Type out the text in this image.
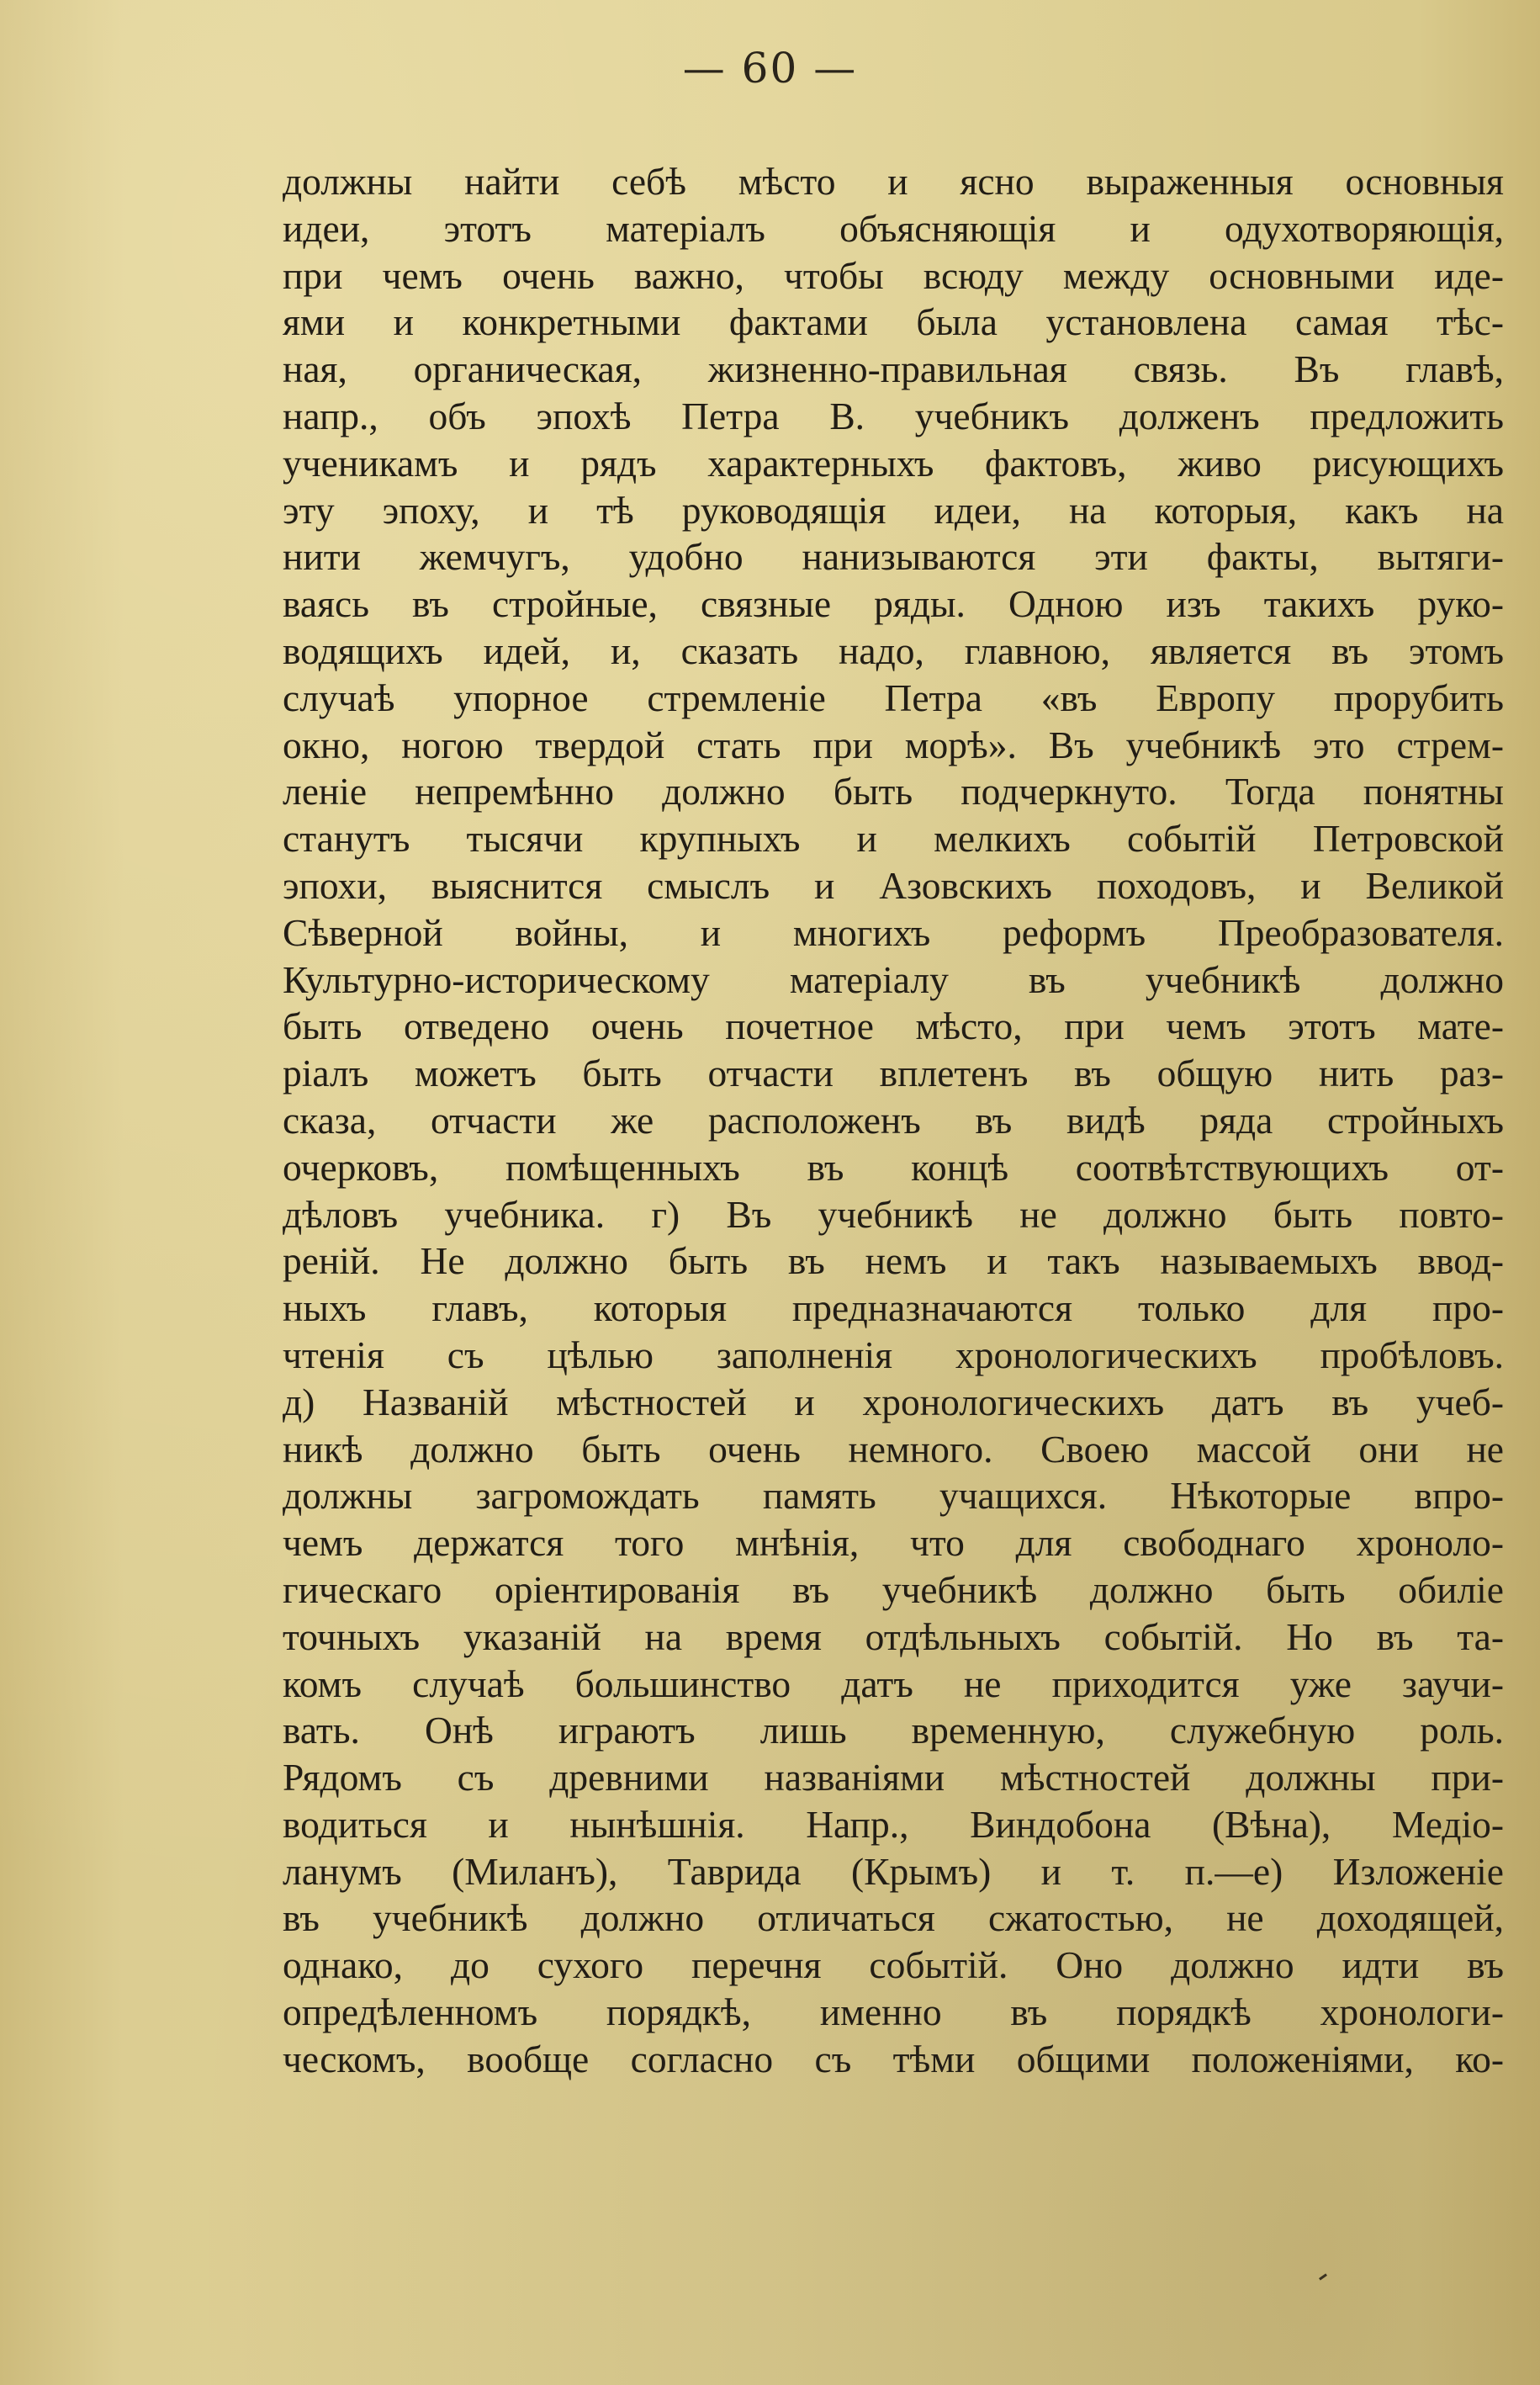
— 60 —
должны найти себѣ мѣсто и ясно выраженныя основныя
идеи, этотъ матеріалъ объясняющія и одухотворяющія,
при чемъ очень важно, чтобы всюду между основными иде-
ями и конкретными фактами была установлена самая тѣс-
ная, органическая, жизненно-правильная связь. Въ главѣ,
напр., объ эпохѣ Петра В. учебникъ долженъ предложить
ученикамъ и рядъ характерныхъ фактовъ, живо рисующихъ
эту эпоху, и тѣ руководящія идеи, на которыя, какъ на
нити жемчугъ, удобно нанизываются эти факты, вытяги-
ваясь въ стройные, связные ряды. Одною изъ такихъ руко-
водящихъ идей, и, сказать надо, главною, является въ этомъ
случаѣ упорное стремленіе Петра «въ Европу прорубить
окно, ногою твердой стать при морѣ». Въ учебникѣ это стрем-
леніе непремѣнно должно быть подчеркнуто. Тогда понятны
станутъ тысячи крупныхъ и мелкихъ событій Петровской
эпохи, выяснится смыслъ и Азовскихъ походовъ, и Великой
Сѣверной войны, и многихъ реформъ Преобразователя.
Культурно-историческому матеріалу въ учебникѣ должно
быть отведено очень почетное мѣсто, при чемъ этотъ мате-
ріалъ можетъ быть отчасти вплетенъ въ общую нить раз-
сказа, отчасти же расположенъ въ видѣ ряда стройныхъ
очерковъ, помѣщенныхъ въ концѣ соотвѣтствующихъ от-
дѣловъ учебника. г) Въ учебникѣ не должно быть повто-
реній. Не должно быть въ немъ и такъ называемыхъ ввод-
ныхъ главъ, которыя предназначаются только для про-
чтенія съ цѣлью заполненія хронологическихъ пробѣловъ.
д) Названій мѣстностей и хронологическихъ датъ въ учеб-
никѣ должно быть очень немного. Своею массой они не
должны загромождать память учащихся. Нѣкоторые впро-
чемъ держатся того мнѣнія, что для свободнаго хроноло-
гическаго оріентированія въ учебникѣ должно быть обиліе
точныхъ указаній на время отдѣльныхъ событій. Но въ та-
комъ случаѣ большинство датъ не приходится уже заучи-
вать. Онѣ играютъ лишь временную, служебную роль.
Рядомъ съ древними названіями мѣстностей должны при-
водиться и нынѣшнія. Напр., Виндобона (Вѣна), Медіо-
ланумъ (Миланъ), Таврида (Крымъ) и т. п.—е) Изложеніе
въ учебникѣ должно отличаться сжатостью, не доходящей,
однако, до сухого перечня событій. Оно должно идти въ
опредѣленномъ порядкѣ, именно въ порядкѣ хронологи-
ческомъ, вообще согласно съ тѣми общими положеніями, ко-
